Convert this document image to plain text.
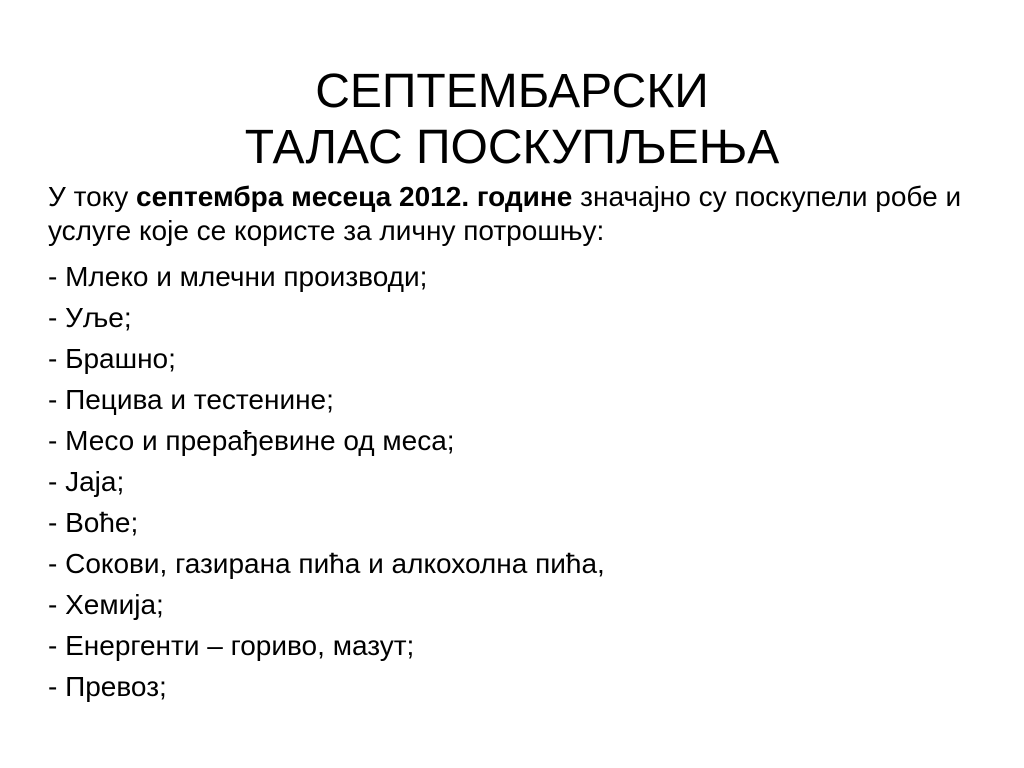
СЕПТЕМБАРСКИ
ТАЛАС ПОСКУПЉЕЊА

У току септембра месеца 2012. године значајно су поскупели робе и услуге које се користе за личну потрошњу:

- Млеко и млечни производи;
- Уље;
- Брашно;
- Пецива и тестенине;
- Месо и прерађевине од меса;
- Јаја;
- Воће;
- Сокови, газирана пића и алкохолна пића,
- Хемија;
- Енергенти – гориво, мазут;
- Превоз;
